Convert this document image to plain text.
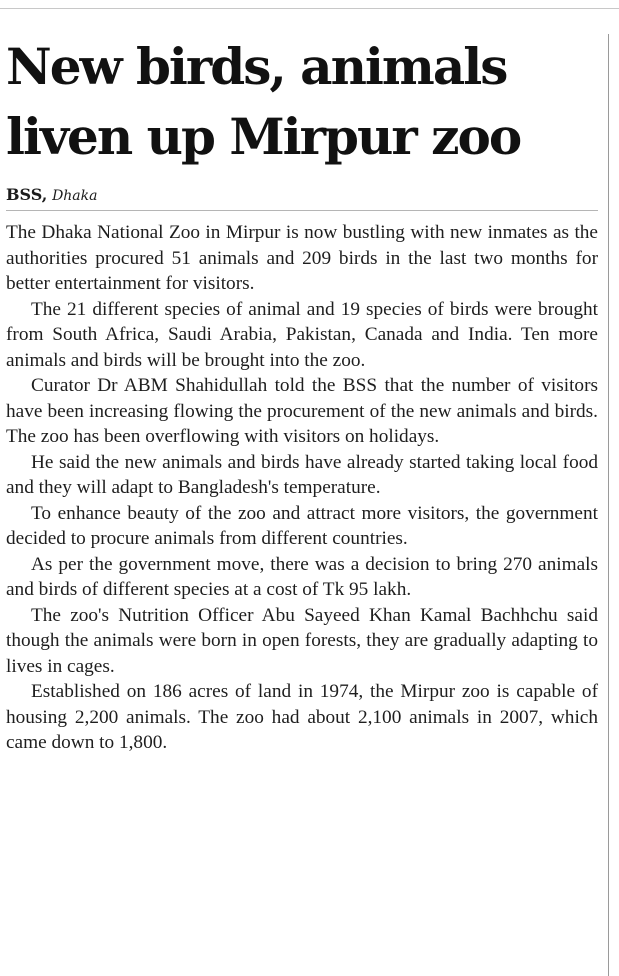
New birds, animals
liven up Mirpur zoo
BSS, Dhaka

The Dhaka National Zoo in Mirpur is now bustling with new inmates as the authorities procured 51 animals and 209 birds in the last two months for better entertainment for visitors.

The 21 different species of animal and 19 species of birds were brought from South Africa, Saudi Arabia, Pakistan, Canada and India. Ten more animals and birds will be brought into the zoo.

Curator Dr ABM Shahidullah told the BSS that the number of visitors have been increasing flowing the procurement of the new animals and birds. The zoo has been overflowing with visitors on holidays.

He said the new animals and birds have already started taking local food and they will adapt to Bangladesh's temperature.

To enhance beauty of the zoo and attract more visitors, the government decided to procure animals from different countries.

As per the government move, there was a decision to bring 270 animals and birds of different species at a cost of Tk 95 lakh.

The zoo's Nutrition Officer Abu Sayeed Khan Kamal Bachhchu said though the animals were born in open forests, they are gradually adapting to lives in cages.

Established on 186 acres of land in 1974, the Mirpur zoo is capable of housing 2,200 animals. The zoo had about 2,100 animals in 2007, which came down to 1,800.
